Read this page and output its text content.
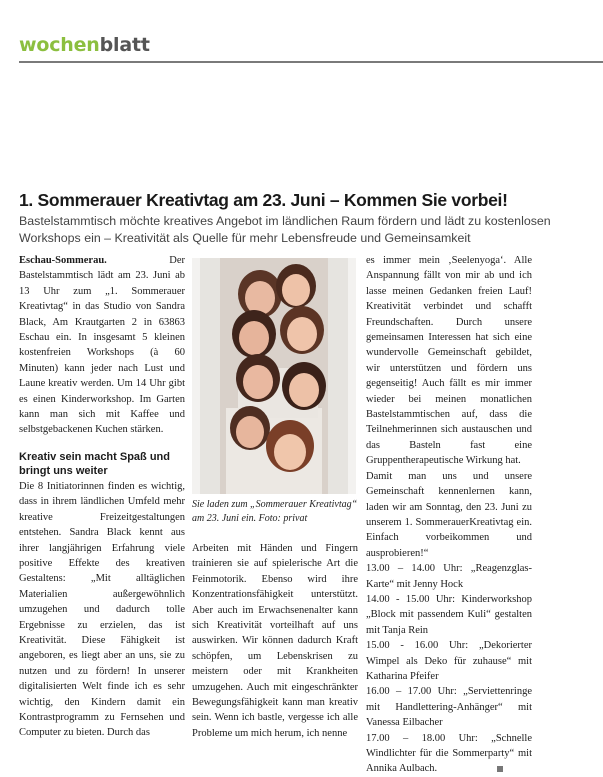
wochenblatt
1. Sommerauer Kreativtag am 23. Juni – Kommen Sie vorbei!
Bastelstammtisch möchte kreatives Angebot im ländlichen Raum fördern und lädt zu kostenlosen Workshops ein – Kreativität als Quelle für mehr Lebensfreude und Gemeinsamkeit

Eschau-Sommerau.	Der Bastelstammtisch lädt am 23. Juni ab 13 Uhr zum „1. Sommerauer Kreativtag“ in das Studio von Sandra Black, Am Krautgarten 2 in 63863 Eschau ein. In insgesamt 5 kleinen kostenfreien Workshops (à 60 Minuten) kann jeder nach Lust und Laune kreativ werden. Um 14 Uhr gibt es einen Kinderworkshop. Im Garten kann man sich mit Kaffee und selbstgebackenen Kuchen stärken.

Kreativ sein macht Spaß und bringt uns weiter

Die 8 Initiatorinnen finden es wichtig, dass in ihrem ländlichen Umfeld mehr kreative Freizeitgestaltungen entstehen. Sandra Black kennt aus ihrer langjährigen Erfahrung viele positive Effekte des kreativen Gestaltens: „Mit alltäglichen Materialien außergewöhnlich umzugehen und dadurch tolle Ergebnisse zu erzielen, das ist Kreativität. Diese Fähigkeit ist angeboren, es liegt aber an uns, sie zu nutzen und zu fördern! In unserer digitalisierten Welt finde ich es sehr wichtig, den Kindern damit ein Kontrastprogramm zu Fernsehen und Computer zu bieten. Durch das

Sie laden zum „Sommerauer Kreativtag“ am 23. Juni ein. Foto: privat

Arbeiten mit Händen und Fingern trainieren sie auf spielerische Art die Feinmotorik. Ebenso wird ihre Konzentrationsfähigkeit unterstützt. Aber auch im Erwachsenenalter kann sich Kreativität vorteilhaft auf uns auswirken. Wir können dadurch Kraft schöpfen, um Lebenskrisen zu meistern oder mit Krankheiten umzugehen. Auch mit eingeschränkter Bewegungsfähigkeit kann man kreativ sein. Wenn ich bastle, vergesse ich alle Probleme um mich herum, ich nenne

es immer mein ‚Seelenyoga‘. Alle Anspannung fällt von mir ab und ich lasse meinen Gedanken freien Lauf! Kreativität verbindet und schafft Freundschaften. Durch unsere gemeinsamen Interessen hat sich eine wundervolle Gemeinschaft gebildet, wir unterstützen und fördern uns gegenseitig! Auch fällt es mir immer wieder bei meinen monatlichen Bastelstammtischen auf, dass die Teilnehmerinnen sich austauschen und das Basteln fast eine Gruppentherapeutische Wirkung hat.

Damit man uns und unsere Gemeinschaft kennenlernen kann, laden wir am Sonntag, den 23. Juni zu unserem 1. SommerauerKreativtag ein. Einfach vorbeikommen und ausprobieren!“

13.00 – 14.00 Uhr: „Reagenzglas-Karte“ mit Jenny Hock

14.00 - 15.00 Uhr: Kinderworkshop „Block mit passendem Kuli“ gestalten mit Tanja Rein

15.00 - 16.00 Uhr: „Dekorierter Wimpel als Deko für zuhause“ mit Katharina Pfeifer

16.00 – 17.00 Uhr: „Serviettenringe mit Handlettering-Anhänger“ mit Vanessa Eilbacher

17.00 – 18.00 Uhr: „Schnelle Windlichter für die Sommerparty“ mit Annika Aulbach.
